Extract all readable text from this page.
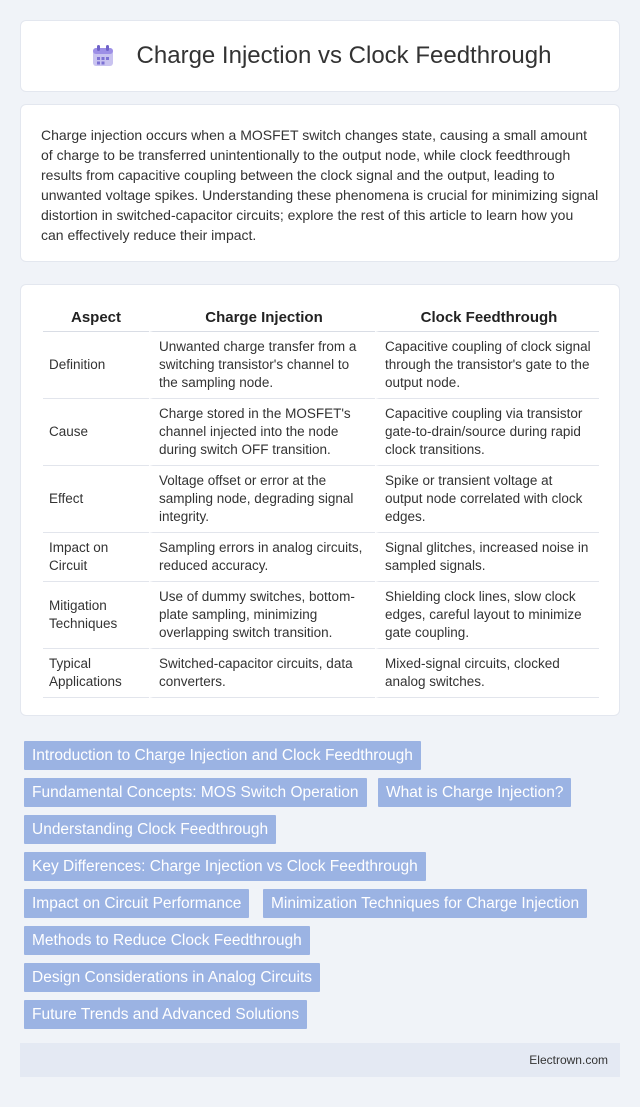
Charge Injection vs Clock Feedthrough

Charge injection occurs when a MOSFET switch changes state, causing a small amount of charge to be transferred unintentionally to the output node, while clock feedthrough results from capacitive coupling between the clock signal and the output, leading to unwanted voltage spikes. Understanding these phenomena is crucial for minimizing signal distortion in switched-capacitor circuits; explore the rest of this article to learn how you can effectively reduce their impact.

Aspect	Charge Injection	Clock Feedthrough
Definition	Unwanted charge transfer from a switching transistor's channel to the sampling node.	Capacitive coupling of clock signal through the transistor's gate to the output node.
Cause	Charge stored in the MOSFET's channel injected into the node during switch OFF transition.	Capacitive coupling via transistor gate-to-drain/source during rapid clock transitions.
Effect	Voltage offset or error at the sampling node, degrading signal integrity.	Spike or transient voltage at output node correlated with clock edges.
Impact on Circuit	Sampling errors in analog circuits, reduced accuracy.	Signal glitches, increased noise in sampled signals.
Mitigation Techniques	Use of dummy switches, bottom-plate sampling, minimizing overlapping switch transition.	Shielding clock lines, slow clock edges, careful layout to minimize gate coupling.
Typical Applications	Switched-capacitor circuits, data converters.	Mixed-signal circuits, clocked analog switches.
Introduction to Charge Injection and Clock Feedthrough
Fundamental Concepts: MOS Switch Operation	What is Charge Injection?
Understanding Clock Feedthrough
Key Differences: Charge Injection vs Clock Feedthrough
Impact on Circuit Performance	Minimization Techniques for Charge Injection
Methods to Reduce Clock Feedthrough
Design Considerations in Analog Circuits
Future Trends and Advanced Solutions
Electrown.com
